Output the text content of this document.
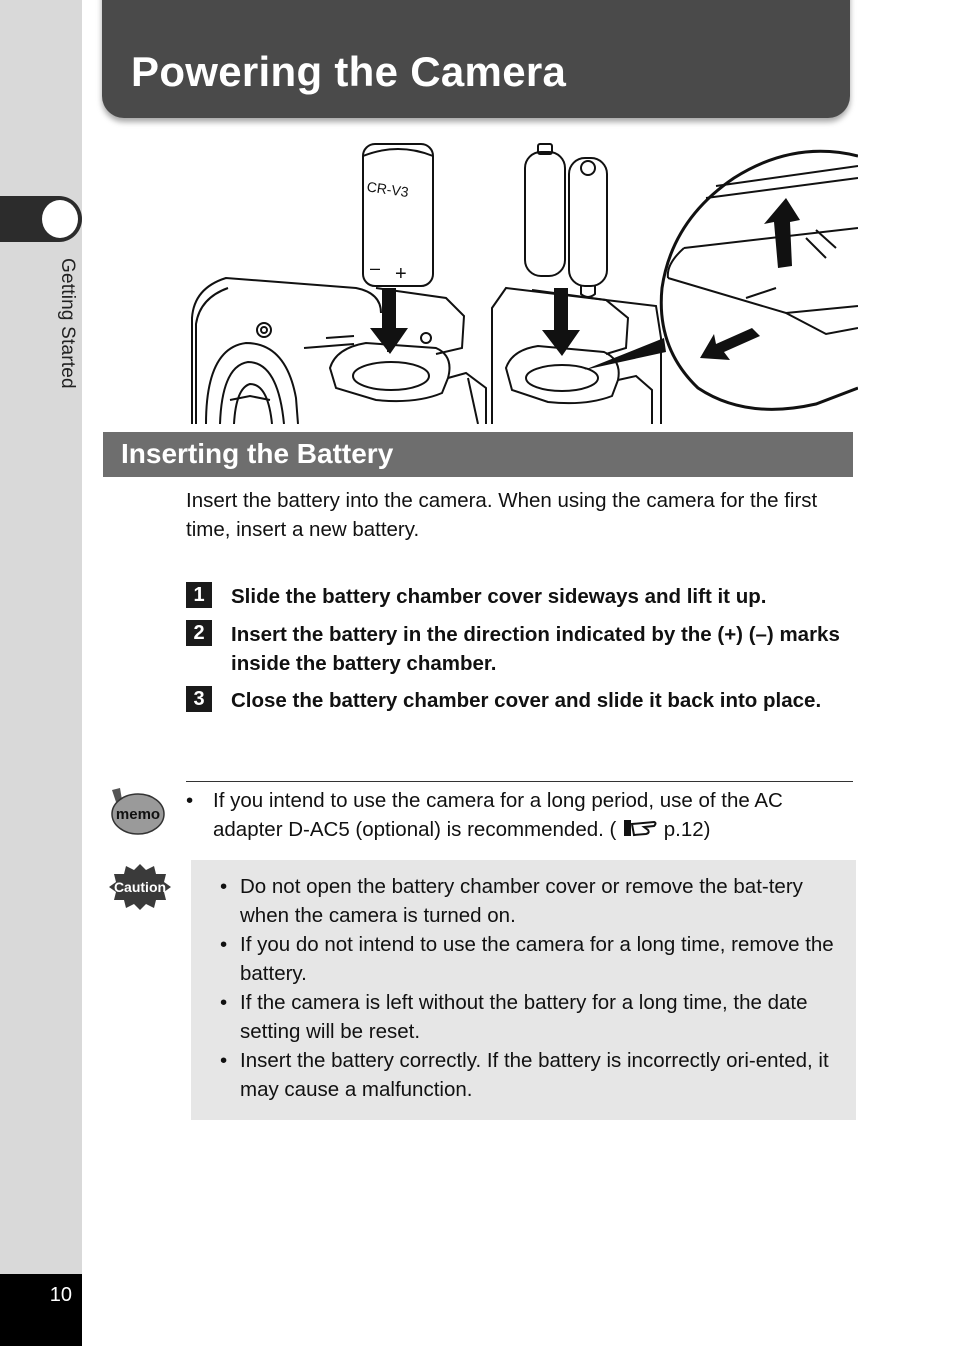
Getting Started
Powering the Camera
CR-V3
– +
Inserting the Battery

Insert the battery into the camera. When using the camera for the first time, insert a new battery.

1	Slide the battery chamber cover sideways and lift it up.

2	Insert the battery in the direction indicated by the (+) (–) marks inside the battery chamber.

3	Close the battery chamber cover and slide it back into place.

memo
• If you intend to use the camera for a long period, use of the AC

adapter D-AC5 (optional) is recommended. ( p.12)

Caution
•	Do not open the battery chamber cover or remove the bat-tery when the camera is turned on.
• If you do not intend to use the camera for a long time, remove the battery.
• If the camera is left without the battery for a long time, the date setting will be reset.
• Insert the battery correctly. If the battery is incorrectly ori-ented, it may cause a malfunction.
10
